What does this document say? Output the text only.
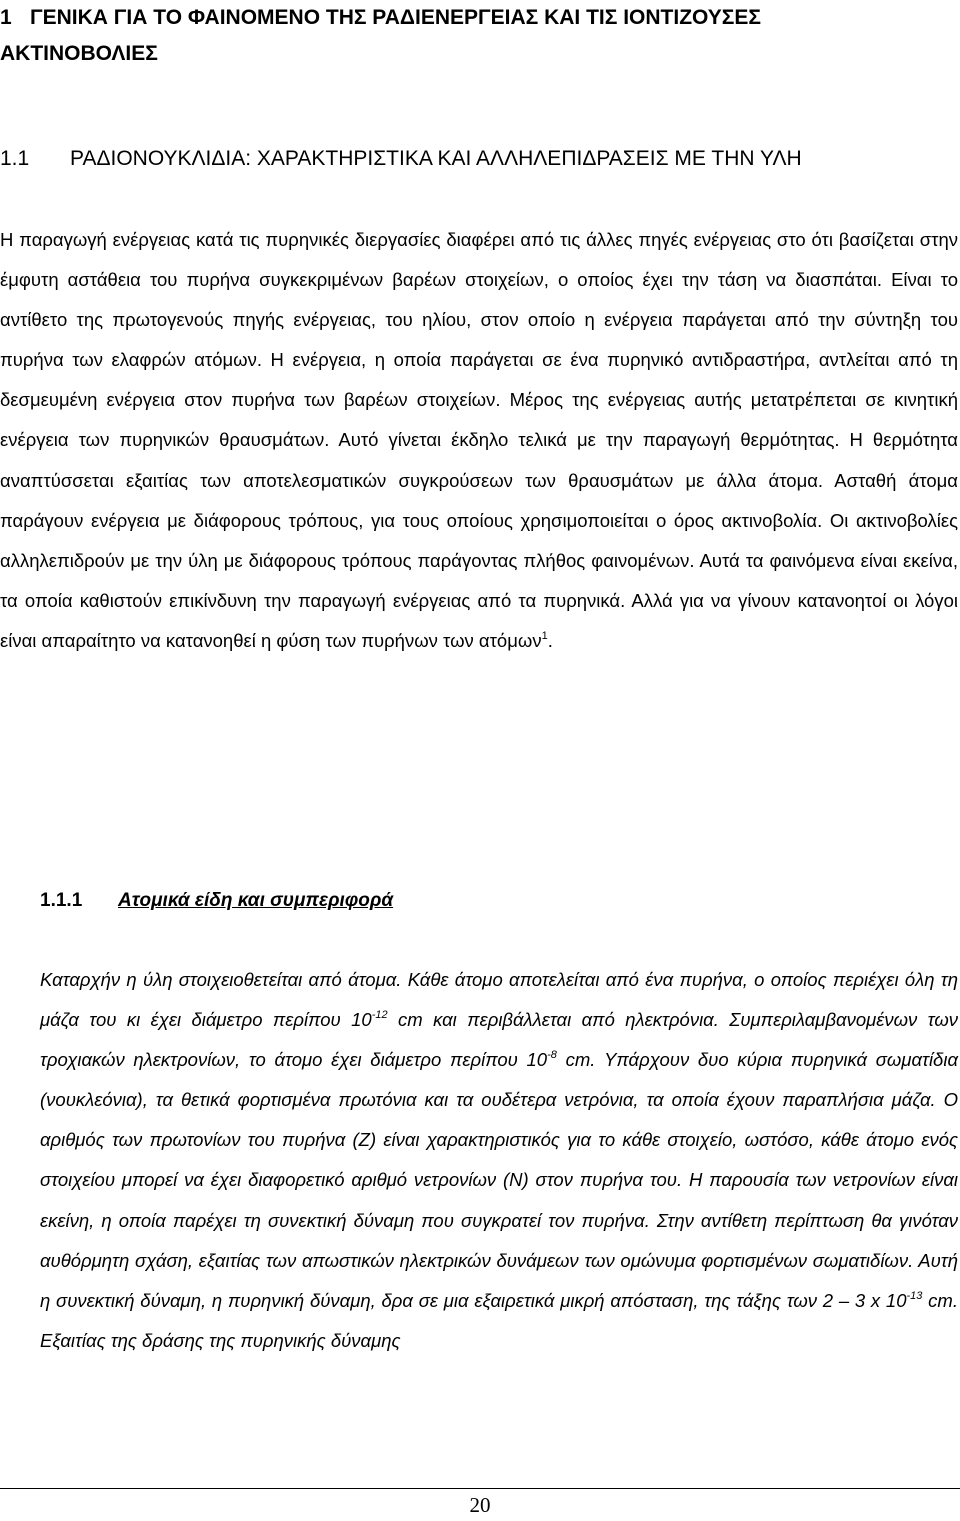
1 ΓΕΝΙΚΑ ΓΙΑ ΤΟ ΦΑΙΝΟΜΕΝΟ ΤΗΣ ΡΑΔΙΕΝΕΡΓΕΙΑΣ ΚΑΙ ΤΙΣ ΙΟΝΤΙΖΟΥΣΕΣ
ΑΚΤΙΝΟΒΟΛΙΕΣ
1.1 ΡΑΔΙΟΝΟΥΚΛΙΔΙΑ: ΧΑΡΑΚΤΗΡΙΣΤΙΚΑ ΚΑΙ ΑΛΛΗΛΕΠΙΔΡΑΣΕΙΣ ΜΕ ΤΗΝ ΥΛΗ
Η παραγωγή ενέργειας κατά τις πυρηνικές διεργασίες διαφέρει από τις άλλες πηγές ενέργειας στο ότι βασίζεται στην έμφυτη αστάθεια του πυρήνα συγκεκριμένων βαρέων στοιχείων, ο οποίος έχει την τάση να διασπάται. Είναι το αντίθετο της πρωτογενούς πηγής ενέργειας, του ηλίου, στον οποίο η ενέργεια παράγεται από την σύντηξη του πυρήνα των ελαφρών ατόμων. Η ενέργεια, η οποία παράγεται σε ένα πυρηνικό αντιδραστήρα, αντλείται από τη δεσμευμένη ενέργεια στον πυρήνα των βαρέων στοιχείων. Μέρος της ενέργειας αυτής μετατρέπεται σε κινητική ενέργεια των πυρηνικών θραυσμάτων. Αυτό γίνεται έκδηλο τελικά με την παραγωγή θερμότητας. Η θερμότητα αναπτύσσεται εξαιτίας των αποτελεσματικών συγκρούσεων των θραυσμάτων με άλλα άτομα. Ασταθή άτομα παράγουν ενέργεια με διάφορους τρόπους, για τους οποίους χρησιμοποιείται ο όρος ακτινοβολία. Οι ακτινοβολίες αλληλεπιδρούν με την ύλη με διάφορους τρόπους παράγοντας πλήθος φαινομένων. Αυτά τα φαινόμενα είναι εκείνα, τα οποία καθιστούν επικίνδυνη την παραγωγή ενέργειας από τα πυρηνικά. Αλλά για να γίνουν κατανοητοί οι λόγοι είναι απαραίτητο να κατανοηθεί η φύση των πυρήνων των ατόμων$^1$.
1.1.1 Ατομικά είδη και συμπεριφορά
Καταρχήν η ύλη στοιχειοθετείται από άτομα. Κάθε άτομο αποτελείται από ένα πυρήνα, ο οποίος περιέχει όλη τη μάζα του κι έχει διάμετρο περίπου $10^{-12}$ cm και περιβάλλεται από ηλεκτρόνια. Συμπεριλαμβανομένων των τροχιακών ηλεκτρονίων, το άτομο έχει διάμετρο περίπου $10^{-8}$ cm. Υπάρχουν δυο κύρια πυρηνικά σωματίδια (νουκλεόνια), τα θετικά φορτισμένα πρωτόνια και τα ουδέτερα νετρόνια, τα οποία έχουν παραπλήσια μάζα. Ο αριθμός των πρωτονίων του πυρήνα (Ζ) είναι χαρακτηριστικός για το κάθε στοιχείο, ωστόσο, κάθε άτομο ενός στοιχείου μπορεί να έχει διαφορετικό αριθμό νετρονίων (Ν) στον πυρήνα του. Η παρουσία των νετρονίων είναι εκείνη, η οποία παρέχει τη συνεκτική δύναμη που συγκρατεί τον πυρήνα. Στην αντίθετη περίπτωση θα γινόταν αυθόρμητη σχάση, εξαιτίας των απωστικών ηλεκτρικών δυνάμεων των ομώνυμα φορτισμένων σωματιδίων. Αυτή η συνεκτική δύναμη, η πυρηνική δύναμη, δρα σε μια εξαιρετικά μικρή απόσταση, της τάξης των 2 – 3 x $10^{-13}$ cm. Εξαιτίας της δράσης της πυρηνικής δύναμης
20
